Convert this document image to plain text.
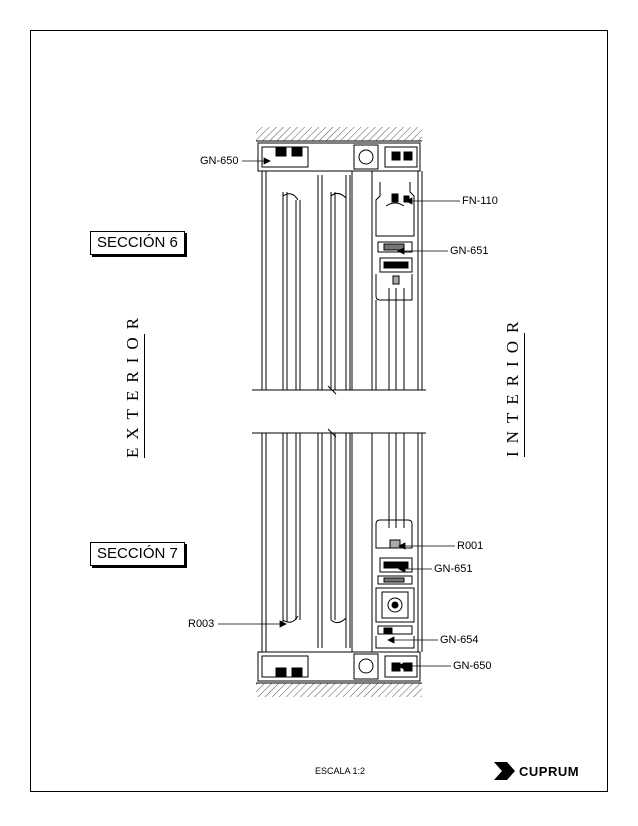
SECCIÓN 6
SECCIÓN 7
EXTERIOR	INTERIOR
GN-650
FN-110
GN-651
R001
GN-651
R003
GN-654
GN-650
ESCALA 1:2	CUPRUM
